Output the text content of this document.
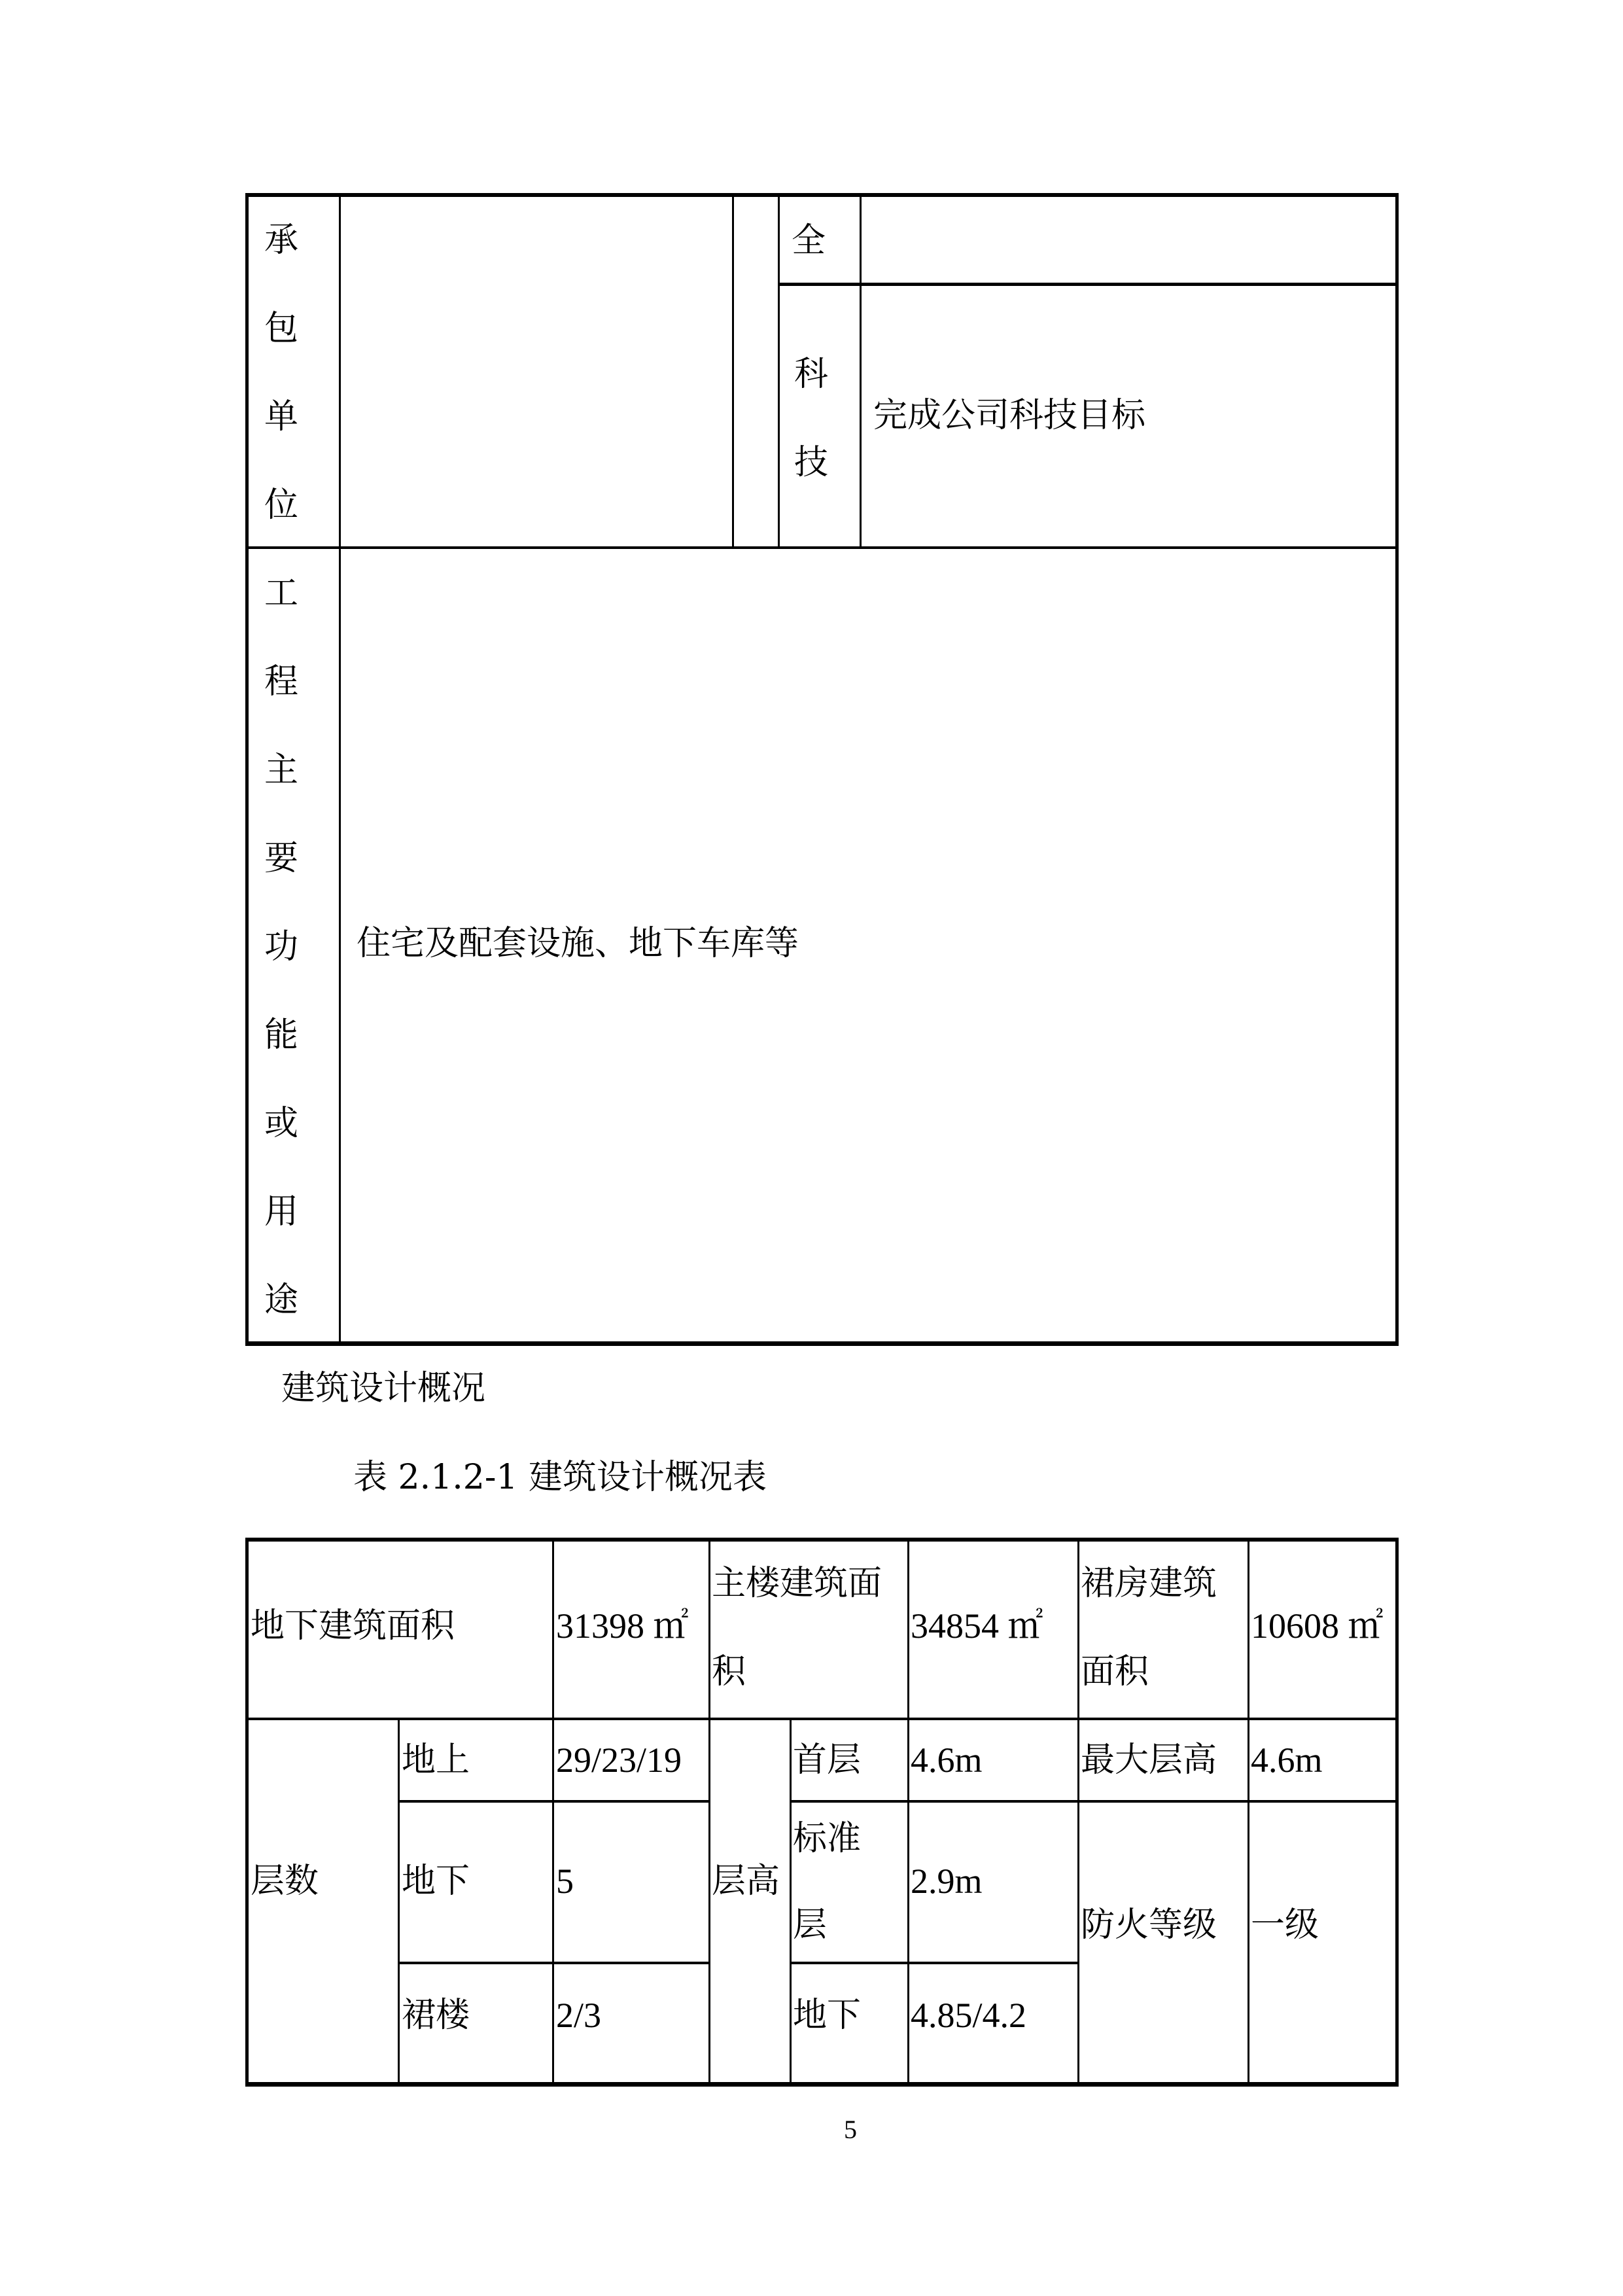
承
包
单
位
全
科
技
完成公司科技目标
工
程
主
要
功
能
或
用
途
住宅及配套设施、地下车库等
建筑设计概况
表 2.1.2-1 建筑设计概况表
地下建筑面积	31398 ㎡
主楼建筑面
积
34854 ㎡
裙房建筑
面积
10608 ㎡
层数
地上 29/23/19
地下 5
裙楼 2/3
层高
首层 4.6m
标准
层
2.9m
地下 4.85/4.2
最大层高 4.6m
防火等级 一级
5
